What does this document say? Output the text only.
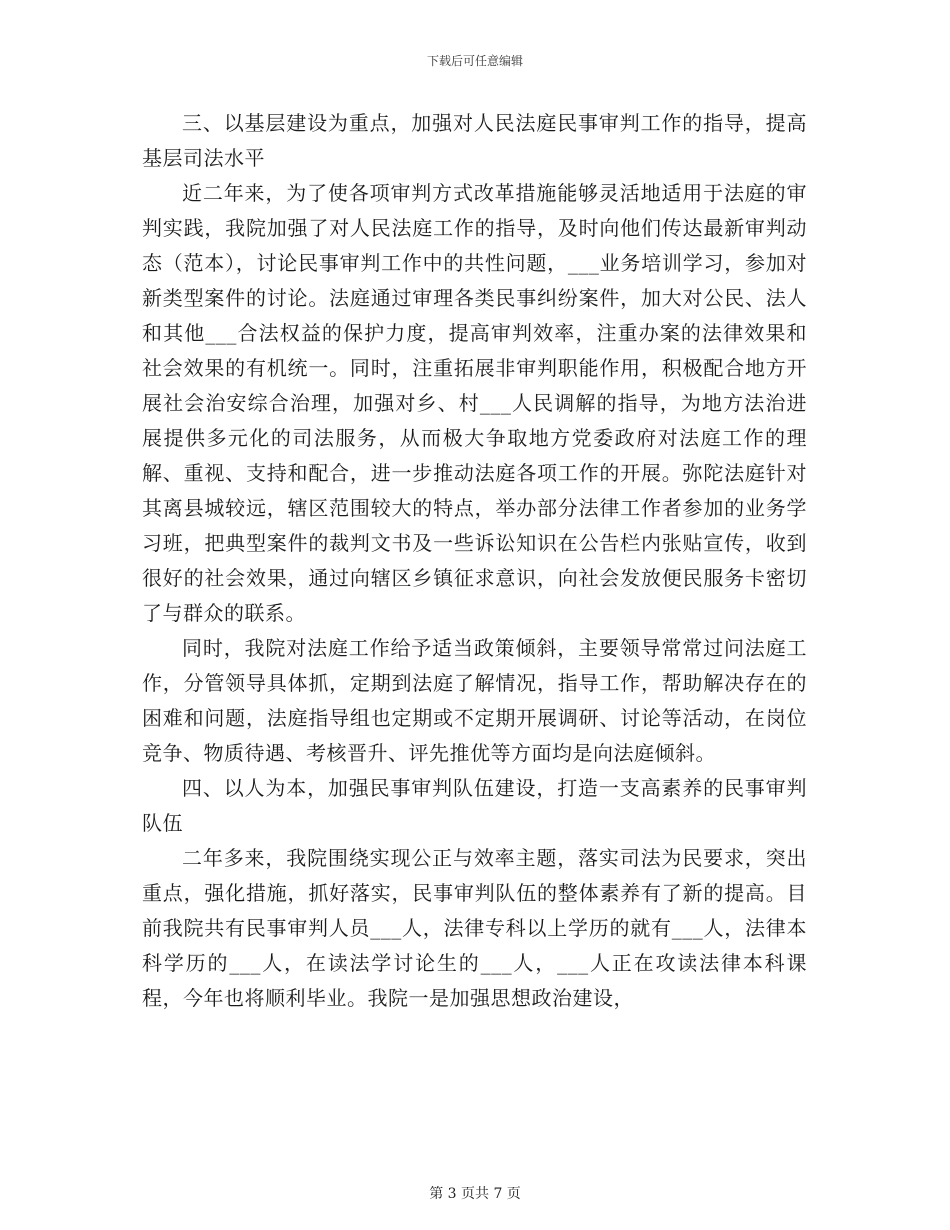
下载后可任意编辑

三、以基层建设为重点，加强对人民法庭民事审判工作的指导，提高基层司法水平

近二年来，为了使各项审判方式改革措施能够灵活地适用于法庭的审判实践，我院加强了对人民法庭工作的指导，及时向他们传达最新审判动态（范本），讨论民事审判工作中的共性问题，___业务培训学习，参加对新类型案件的讨论。法庭通过审理各类民事纠纷案件，加大对公民、法人和其他___合法权益的保护力度，提高审判效率，注重办案的法律效果和社会效果的有机统一。同时，注重拓展非审判职能作用，积极配合地方开展社会治安综合治理，加强对乡、村___人民调解的指导，为地方法治进展提供多元化的司法服务，从而极大争取地方党委政府对法庭工作的理解、重视、支持和配合，进一步推动法庭各项工作的开展。弥陀法庭针对其离县城较远，辖区范围较大的特点，举办部分法律工作者参加的业务学习班，把典型案件的裁判文书及一些诉讼知识在公告栏内张贴宣传，收到很好的社会效果，通过向辖区乡镇征求意识，向社会发放便民服务卡密切了与群众的联系。

同时，我院对法庭工作给予适当政策倾斜，主要领导常常过问法庭工作，分管领导具体抓，定期到法庭了解情况，指导工作，帮助解决存在的困难和问题，法庭指导组也定期或不定期开展调研、讨论等活动，在岗位竞争、物质待遇、考核晋升、评先推优等方面均是向法庭倾斜。

四、以人为本，加强民事审判队伍建设，打造一支高素养的民事审判队伍

二年多来，我院围绕实现公正与效率主题，落实司法为民要求，突出重点，强化措施，抓好落实，民事审判队伍的整体素养有了新的提高。目前我院共有民事审判人员___人，法律专科以上学历的就有___人，法律本科学历的___人，在读法学讨论生的___人，___人正在攻读法律本科课程，今年也将顺利毕业。我院一是加强思想政治建设，

第 3 页共 7 页
